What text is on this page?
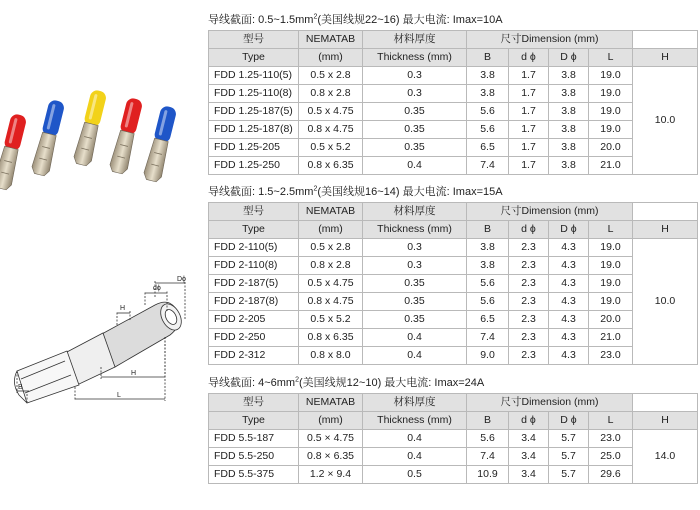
Dϕ
dϕ
H
H
L
B
导线截面: $0.5\sim 1.5mm^2$(美国线规22~16) 最大电流: Imax=10A
型号	NEMATAB	材料厚度	尺寸Dimension (mm)				
Type	(mm)	Thickness (mm)	B	d ϕ	D ϕ	L	H
FDD 1.25-110(5)	0.5 x 2.8	0.3	3.8	1.7	3.8	19.0	10.0
FDD 1.25-110(8)	0.8 x 2.8	0.3	3.8	1.7	3.8	19.0	
FDD 1.25-187(5)	0.5 x 4.75	0.35	5.6	1.7	3.8	19.0	
FDD 1.25-187(8)	0.8 x 4.75	0.35	5.6	1.7	3.8	19.0	
FDD 1.25-205	0.5 x 5.2	0.35	6.5	1.7	3.8	20.0	
FDD 1.25-250	0.8 x 6.35	0.4	7.4	1.7	3.8	21.0	
导线截面: $1.5\sim 2.5mm^2$(美国线规16~14) 最大电流: Imax=15A
型号	NEMATAB	材料厚度	尺寸Dimension (mm)				
Type	(mm)	Thickness (mm)	B	d ϕ	D ϕ	L	H
FDD 2-110(5)	0.5 x 2.8	0.3	3.8	2.3	4.3	19.0	10.0
FDD 2-110(8)	0.8 x 2.8	0.3	3.8	2.3	4.3	19.0	
FDD 2-187(5)	0.5 x 4.75	0.35	5.6	2.3	4.3	19.0	
FDD 2-187(8)	0.8 x 4.75	0.35	5.6	2.3	4.3	19.0	
FDD 2-205	0.5 x 5.2	0.35	6.5	2.3	4.3	20.0	
FDD 2-250	0.8 x 6.35	0.4	7.4	2.3	4.3	21.0	
FDD 2-312	0.8 x 8.0	0.4	9.0	2.3	4.3	23.0	
导线截面: $4\sim 6mm^2$(美国线规12~10) 最大电流: Imax=24A
型号	NEMATAB	材料厚度	尺寸Dimension (mm)				
Type	(mm)	Thickness (mm)	B	d ϕ	D ϕ	L	H
FDD 5.5-187	0.5 × 4.75	0.4	5.6	3.4	5.7	23.0	14.0
FDD 5.5-250	0.8 × 6.35	0.4	7.4	3.4	5.7	25.0	
FDD 5.5-375	1.2 × 9.4	0.5	10.9	3.4	5.7	29.6	
